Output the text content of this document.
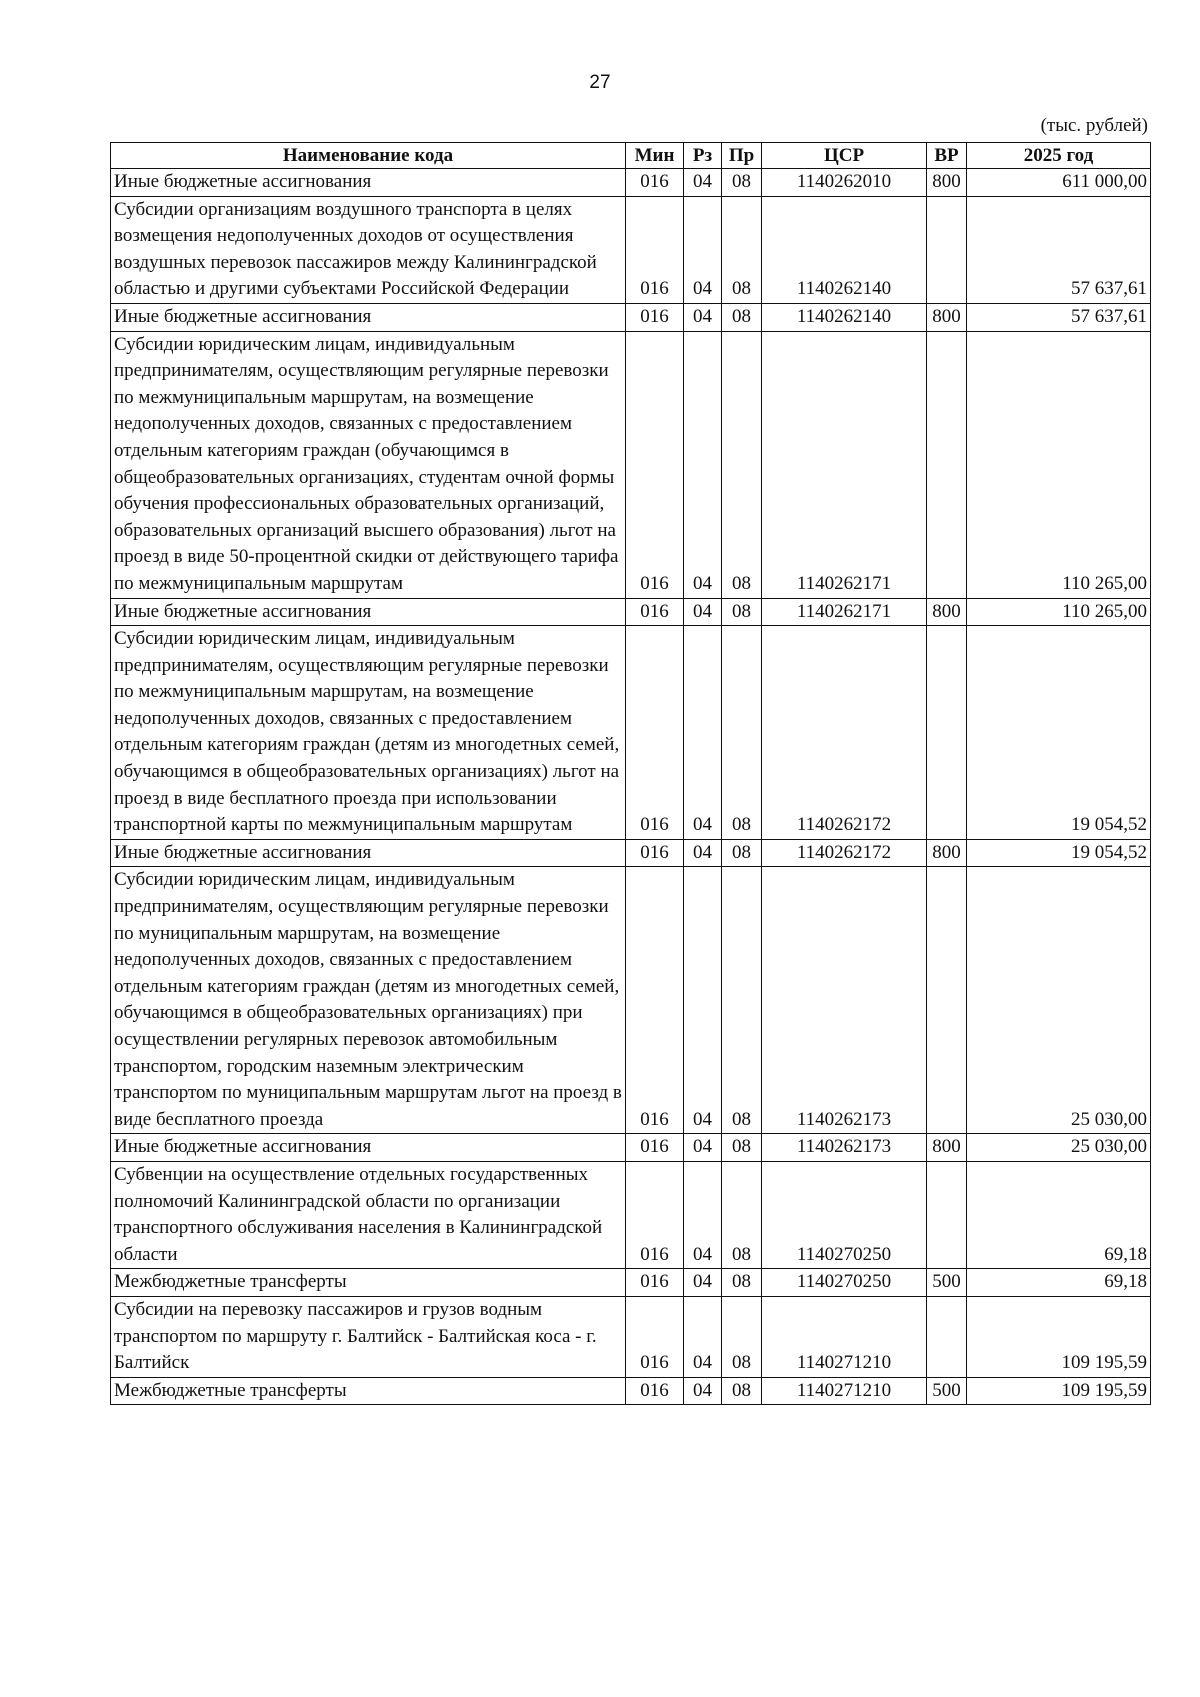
27
(тыс. рублей)
Наименование кода	Мин	Рз	Пр	ЦСР	ВР	2025 год
Иные бюджетные ассигнования	016	04	08	1140262010	800	611 000,00
Субсидии организациям воздушного транспорта в целях возмещения недополученных доходов от осуществления воздушных перевозок пассажиров между Калининградской областью и другими субъектами Российской Федерации	016	04	08	1140262140		57 637,61
Иные бюджетные ассигнования	016	04	08	1140262140	800	57 637,61
Субсидии юридическим лицам, индивидуальным предпринимателям, осуществляющим регулярные перевозки по межмуниципальным маршрутам, на возмещение недополученных доходов, связанных с предоставлением отдельным категориям граждан (обучающимся в общеобразовательных организациях, студентам очной формы обучения профессиональных образовательных организаций, образовательных организаций высшего образования) льгот на проезд в виде 50-процентной скидки от действующего тарифа по межмуниципальным маршрутам	016	04	08	1140262171		110 265,00
Иные бюджетные ассигнования	016	04	08	1140262171	800	110 265,00
Субсидии юридическим лицам, индивидуальным предпринимателям, осуществляющим регулярные перевозки по межмуниципальным маршрутам, на возмещение недополученных доходов, связанных с предоставлением отдельным категориям граждан (детям из многодетных семей, обучающимся в общеобразовательных организациях) льгот на проезд в виде бесплатного проезда при использовании транспортной карты по межмуниципальным маршрутам	016	04	08	1140262172		19 054,52
Иные бюджетные ассигнования	016	04	08	1140262172	800	19 054,52
Субсидии юридическим лицам, индивидуальным предпринимателям, осуществляющим регулярные перевозки по муниципальным маршрутам, на возмещение недополученных доходов, связанных с предоставлением отдельным категориям граждан (детям из многодетных семей, обучающимся в общеобразовательных организациях) при осуществлении регулярных перевозок автомобильным транспортом, городским наземным электрическим транспортом по муниципальным маршрутам льгот на проезд в виде бесплатного проезда	016	04	08	1140262173		25 030,00
Иные бюджетные ассигнования	016	04	08	1140262173	800	25 030,00
Субвенции на осуществление отдельных государственных полномочий Калининградской области по организации транспортного обслуживания населения в Калининградской области	016	04	08	1140270250		69,18
Межбюджетные трансферты	016	04	08	1140270250	500	69,18
Субсидии на перевозку пассажиров и грузов водным транспортом по маршруту г. Балтийск - Балтийская коса - г. Балтийск	016	04	08	1140271210		109 195,59
Межбюджетные трансферты	016	04	08	1140271210	500	109 195,59
